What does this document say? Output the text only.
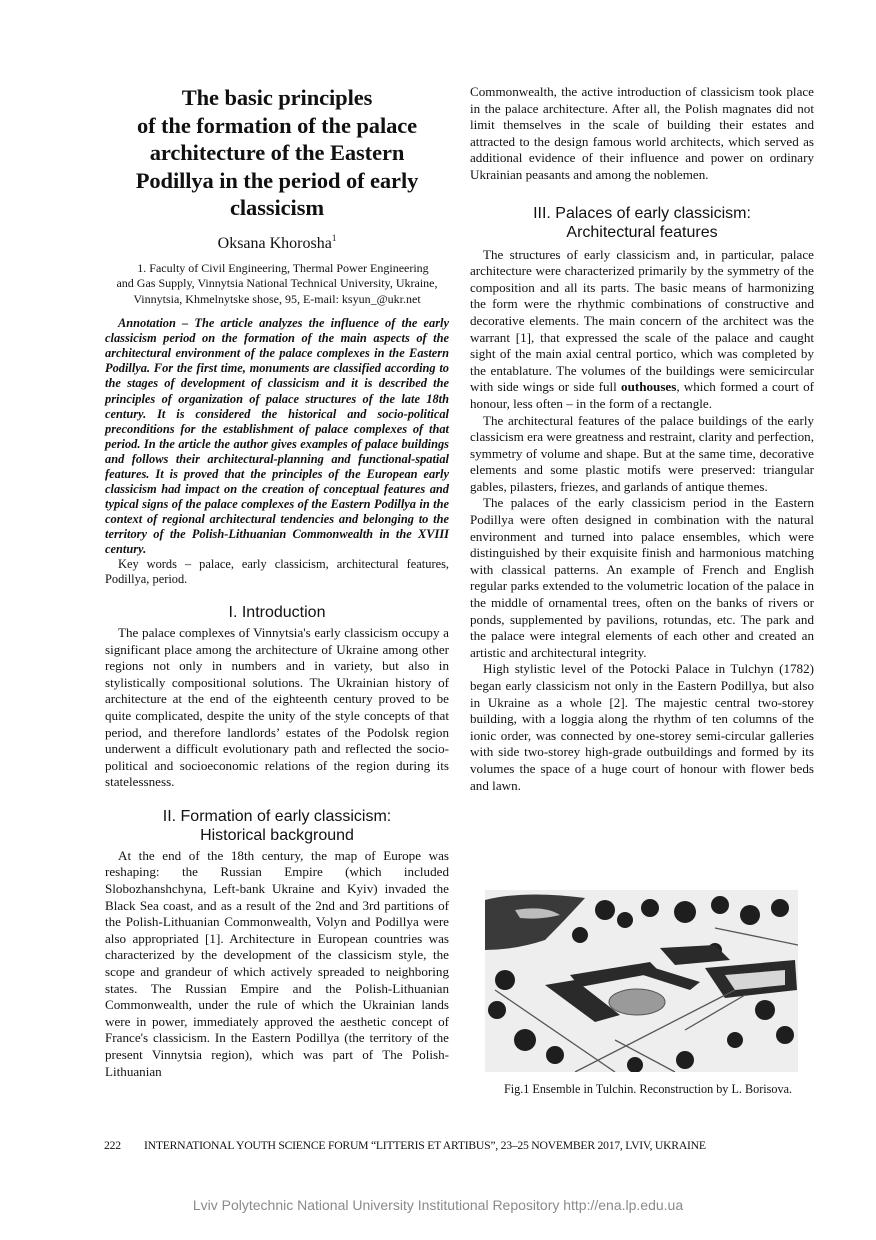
The basic principles
of the formation of the palace
architecture of the Eastern
Podillya in the period of early
classicism
Oksana Khorosha$^1$
1. Faculty of Civil Engineering, Thermal Power Engineering
and Gas Supply, Vinnytsia National Technical University, Ukraine, Vinnytsia, Khmelnytske shose, 95, E-mail: ksyun_@ukr.net

Annotation – The article analyzes the influence of the early classicism period on the formation of the main aspects of the architectural environment of the palace complexes in the Eastern Podillya. For the first time, monuments are classified according to the stages of development of classicism and it is described the principles of organization of palace structures of the late 18th century. It is considered the historical and socio-political preconditions for the establishment of palace complexes of that period. In the article the author gives examples of palace buildings and follows their architectural-planning and functional-spatial features. It is proved that the principles of the European early classicism had impact on the creation of conceptual features and typical signs of the palace complexes of the Eastern Podillya in the context of regional architectural tendencies and belonging to the territory of the Polish-Lithuanian Commonwealth in the XVIII century.

Key words – palace, early classicism, architectural features, Podillya, period.

I. Introduction

The palace complexes of Vinnytsia's early classicism occupy a significant place among the architecture of Ukraine among other regions not only in numbers and in variety, but also in stylistically compositional solutions. The Ukrainian history of architecture at the end of the eighteenth century proved to be quite complicated, despite the unity of the style concepts of that period, and therefore landlords’ estates of the Podolsk region underwent a difficult evolutionary path and reflected the socio-political and socioeconomic relations of the region during its statelessness.

II. Formation of early classicism:
Historical background

At the end of the 18th century, the map of Europe was reshaping: the Russian Empire (which included Slobozhanshchyna, Left-bank Ukraine and Kyiv) invaded the Black Sea coast, and as a result of the 2nd and 3rd partitions of the Polish-Lithuanian Commonwealth, Volyn and Podillya were also appropriated [1]. Architecture in European countries was characterized by the development of the classicism style, the scope and grandeur of which actively spreaded to neighboring states. The Russian Empire and the Polish-Lithuanian Commonwealth, under the rule of which the Ukrainian lands were in power, immediately approved the aesthetic concept of France's classicism. In the Eastern Podillya (the territory of the present Vinnytsia region), which was part of The Polish-Lithuanian

Commonwealth, the active introduction of classicism took place in the palace architecture. After all, the Polish magnates did not limit themselves in the scale of building their estates and attracted to the design famous world architects, which served as additional evidence of their influence and power on ordinary Ukrainian peasants and among the noblemen.

III. Palaces of early classicism:
Architectural features

The structures of early classicism and, in particular, palace architecture were characterized primarily by the symmetry of the composition and all its parts. The basic means of harmonizing the form were the rhythmic combinations of constructive and decorative elements. The main concern of the architect was the warrant [1], that expressed the scale of the palace and caught sight of the main axial central portico, which was completed by the entablature. The volumes of the buildings were semicircular with side wings or side full outhouses, which formed a court of honour, less often – in the form of a rectangle.

The architectural features of the palace buildings of the early classicism era were greatness and restraint, clarity and perfection, symmetry of volume and shape. But at the same time, decorative elements and some plastic motifs were preserved: triangular gables, pilasters, friezes, and garlands of antique themes.

The palaces of the early classicism period in the Eastern Podillya were often designed in combination with the natural environment and turned into palace ensembles, which were distinguished by their exquisite finish and harmonious matching with classical patterns. An example of French and English regular parks extended to the volumetric location of the palace in the middle of ornamental trees, often on the banks of rivers or ponds, supplemented by pavilions, rotundas, etc. The park and the palace were integral elements of each other and created an artistic and architectural integrity.

High stylistic level of the Potocki Palace in Tulchyn (1782) began early classicism not only in the Eastern Podillya, but also in Ukraine as a whole [2]. The majestic central two-storey building, with a loggia along the rhythm of ten columns of the ionic order, was connected by one-storey semi-circular galleries with side two-storey high-grade outbuildings and formed by its volumes the space of a huge court of honour with flower beds and lawn.

Fig.1 Ensemble in Tulchin. Reconstruction by L. Borisova.
222 INTERNATIONAL YOUTH SCIENCE FORUM “LITTERIS ET ARTIBUS”, 23–25 NOVEMBER 2017, LVIV, UKRAINE
Lviv Polytechnic National University Institutional Repository http://ena.lp.edu.ua
